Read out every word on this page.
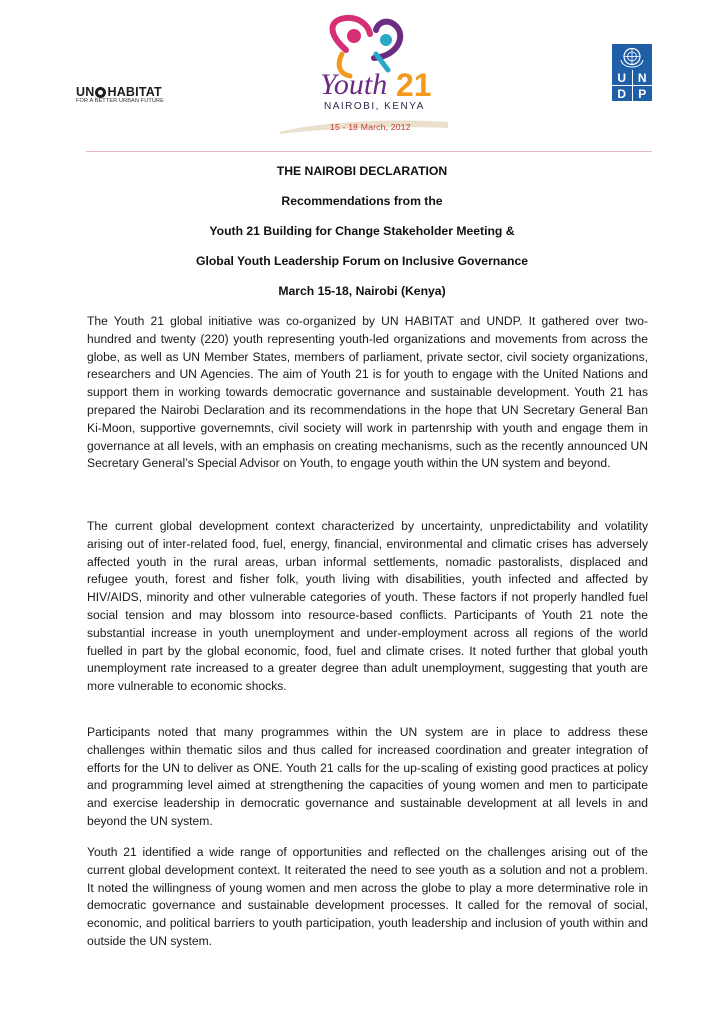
UN HABITAT
FOR A BETTER URBAN FUTURE	Youth 21
NAIROBI, KENYA
15 - 18 March, 2012
U N
D	P
THE NAIROBI DECLARATION
Recommendations from the
Youth 21 Building for Change Stakeholder Meeting &
Global Youth Leadership Forum on Inclusive Governance
March 15-18, Nairobi (Kenya)

The Youth 21 global initiative was co-organized by UN HABITAT and UNDP. It gathered over two-hundred and twenty (220) youth representing youth-led organizations and movements from across the globe, as well as UN Member States, members of parliament, private sector, civil society organizations, researchers and UN Agencies. The aim of Youth 21 is for youth to engage with the United Nations and support them in working towards democratic governance and sustainable development. Youth 21 has prepared the Nairobi Declaration and its recommendations in the hope that UN Secretary General Ban Ki-Moon, supportive governemnts, civil society will work in partenrship with youth and engage them in governance at all levels, with an emphasis on creating mechanisms, such as the recently announced UN Secretary General’s Special Advisor on Youth, to engage youth within the UN system and beyond.

The current global development context characterized by uncertainty, unpredictability and volatility arising out of inter-related food, fuel, energy, financial, environmental and climatic crises has adversely affected youth in the rural areas, urban informal settlements, nomadic pastoralists, displaced and refugee youth, forest and fisher folk, youth living with disabilities, youth infected and affected by HIV/AIDS, minority and other vulnerable categories of youth. These factors if not properly handled fuel social tension and may blossom into resource-based conflicts. Participants of Youth 21 note the substantial increase in youth unemployment and under-employment across all regions of the world fuelled in part by the global economic, food, fuel and climate crises. It noted further that global youth unemployment rate increased to a greater degree than adult unemployment, suggesting that youth are more vulnerable to economic shocks.

Participants noted that many programmes within the UN system are in place to address these challenges within thematic silos and thus called for increased coordination and greater integration of efforts for the UN to deliver as ONE. Youth 21 calls for the up-scaling of existing good practices at policy and programming level aimed at strengthening the capacities of young women and men to participate and exercise leadership in democratic governance and sustainable development at all levels in and beyond the UN system.

Youth 21 identified a wide range of opportunities and reflected on the challenges arising out of the current global development context. It reiterated the need to see youth as a solution and not a problem. It noted the willingness of young women and men across the globe to play a more determinative role in democratic governance and sustainable development processes. It called for the removal of social, economic, and political barriers to youth participation, youth leadership and inclusion of youth within and outside the UN system.
